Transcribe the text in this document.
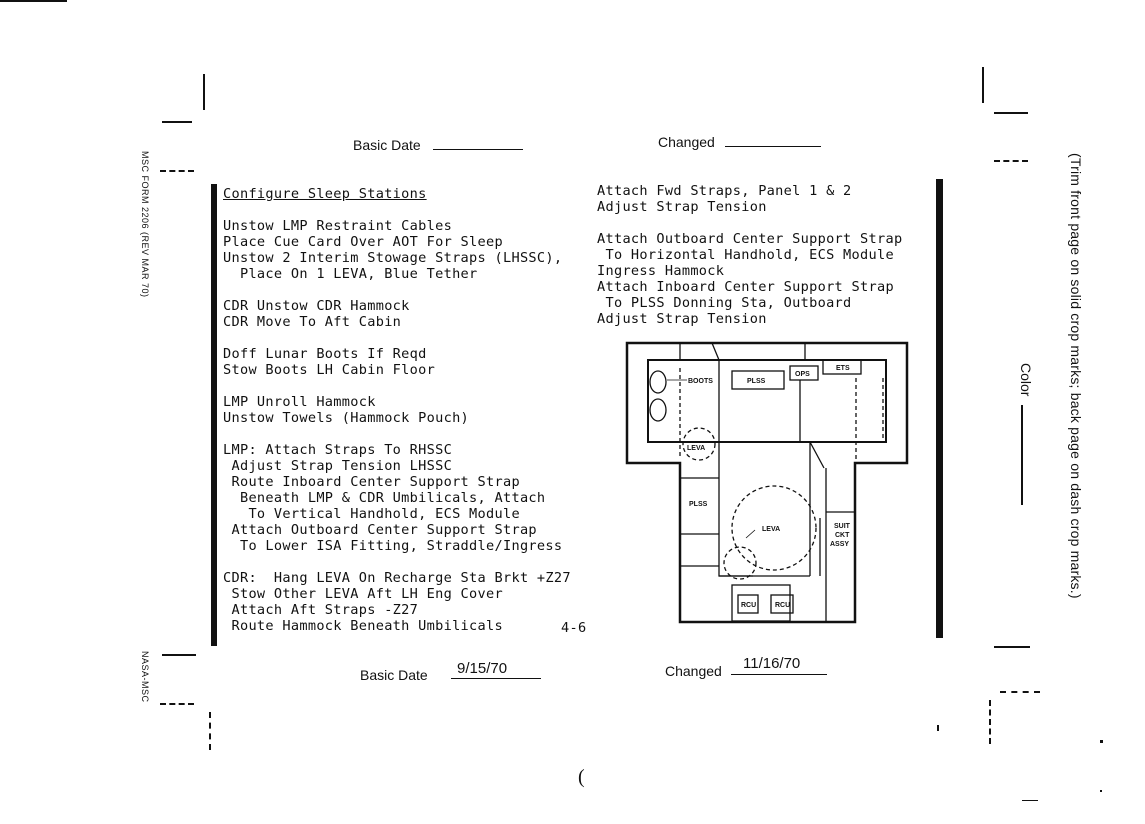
(
MSC FORM 2206 (REV MAR 70)
NASA-MSC
(Trim front page on solid crop marks; back page on dash crop marks.)
Color
Basic Date	Changed
Configure Sleep Stations

Unstow LMP Restraint Cables
Place Cue Card Over AOT For Sleep
Unstow 2 Interim Stowage Straps (LHSSC),
Place On 1 LEVA, Blue Tether

CDR Unstow CDR Hammock
CDR Move To Aft Cabin

Doff Lunar Boots If Reqd
Stow Boots LH Cabin Floor

LMP Unroll Hammock
Unstow Towels (Hammock Pouch)

LMP: Attach Straps To RHSSC
Adjust Strap Tension LHSSC
Route Inboard Center Support Strap
Beneath LMP & CDR Umbilicals, Attach
To Vertical Handhold, ECS Module
Attach Outboard Center Support Strap
To Lower ISA Fitting, Straddle/Ingress

CDR:  Hang LEVA On Recharge Sta Brkt +Z27
Stow Other LEVA Aft LH Eng Cover
Attach Aft Straps -Z27
Route Hammock Beneath Umbilicals	4-6
Attach Fwd Straps, Panel 1 & 2
Adjust Strap Tension

Attach Outboard Center Support Strap
To Horizontal Handhold, ECS Module
Ingress Hammock
Attach Inboard Center Support Strap
To PLSS Donning Sta, Outboard
Adjust Strap Tension
BOOTS	PLSS
OPS
ETS
LEVA
PLSS
LEVA	SUIT
CKT
ASSY
RCU	RCU
Basic Date 9/15/70	Changed 11/16/70
